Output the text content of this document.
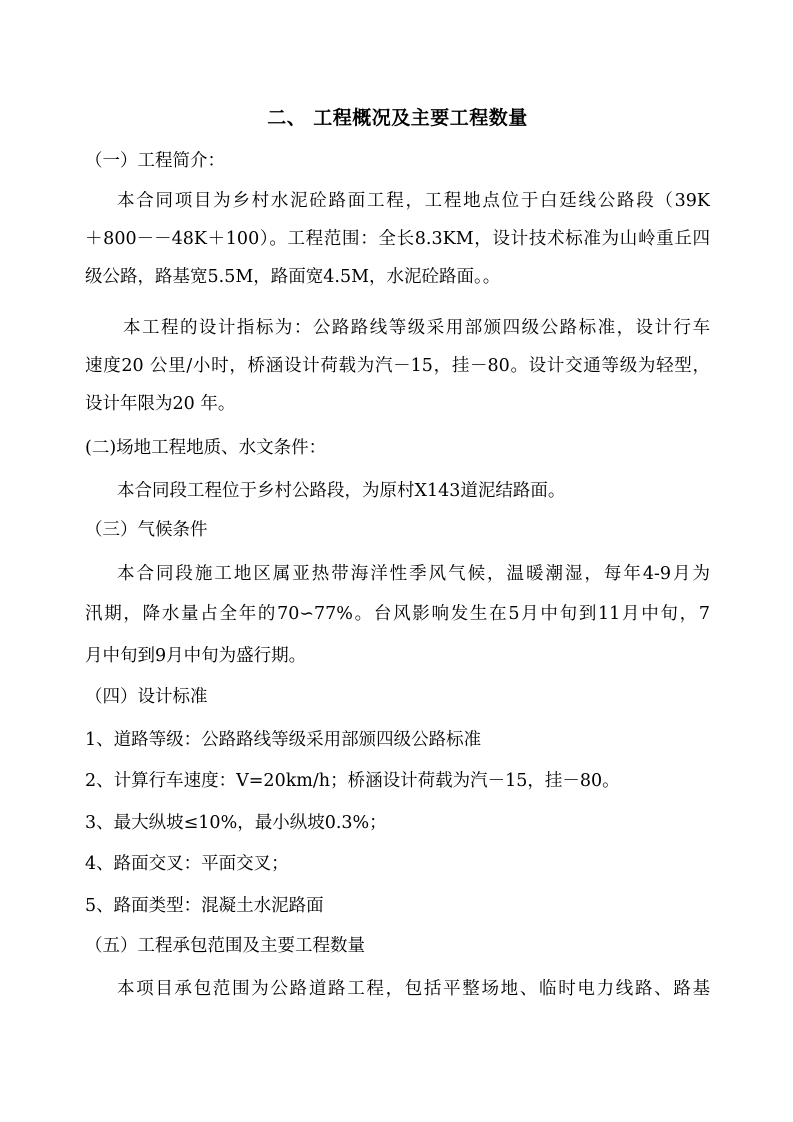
二、 工程概况及主要工程数量
（一）工程简介：
本合同项目为乡村水泥砼路面工程，工程地点位于白廷线公路段（39K
＋800－－48K＋100）。工程范围：全长8.3KM，设计技术标准为山岭重丘四
级公路，路基宽5.5M，路面宽4.5M，水泥砼路面。。
本工程的设计指标为：公路路线等级采用部颁四级公路标准，设计行车
速度20 公里/小时，桥涵设计荷载为汽－15，挂－80。设计交通等级为轻型，
设计年限为20 年。
(二)场地工程地质、水文条件：
本合同段工程位于乡村公路段，为原村X143道泥结路面。
（三）气候条件
本合同段施工地区属亚热带海洋性季风气候，温暖潮湿，每年4-9月为
汛期，降水量占全年的70∽77%。台风影响发生在5月中旬到11月中旬，7
月中旬到9月中旬为盛行期。
（四）设计标准
1、道路等级：公路路线等级采用部颁四级公路标准
2、计算行车速度：V=20km/h；桥涵设计荷载为汽－15，挂－80。
3、最大纵坡≤10%，最小纵坡0.3%；
4、路面交叉：平面交叉；
5、路面类型：混凝土水泥路面
（五）工程承包范围及主要工程数量
本项目承包范围为公路道路工程，包括平整场地、临时电力线路、路基
